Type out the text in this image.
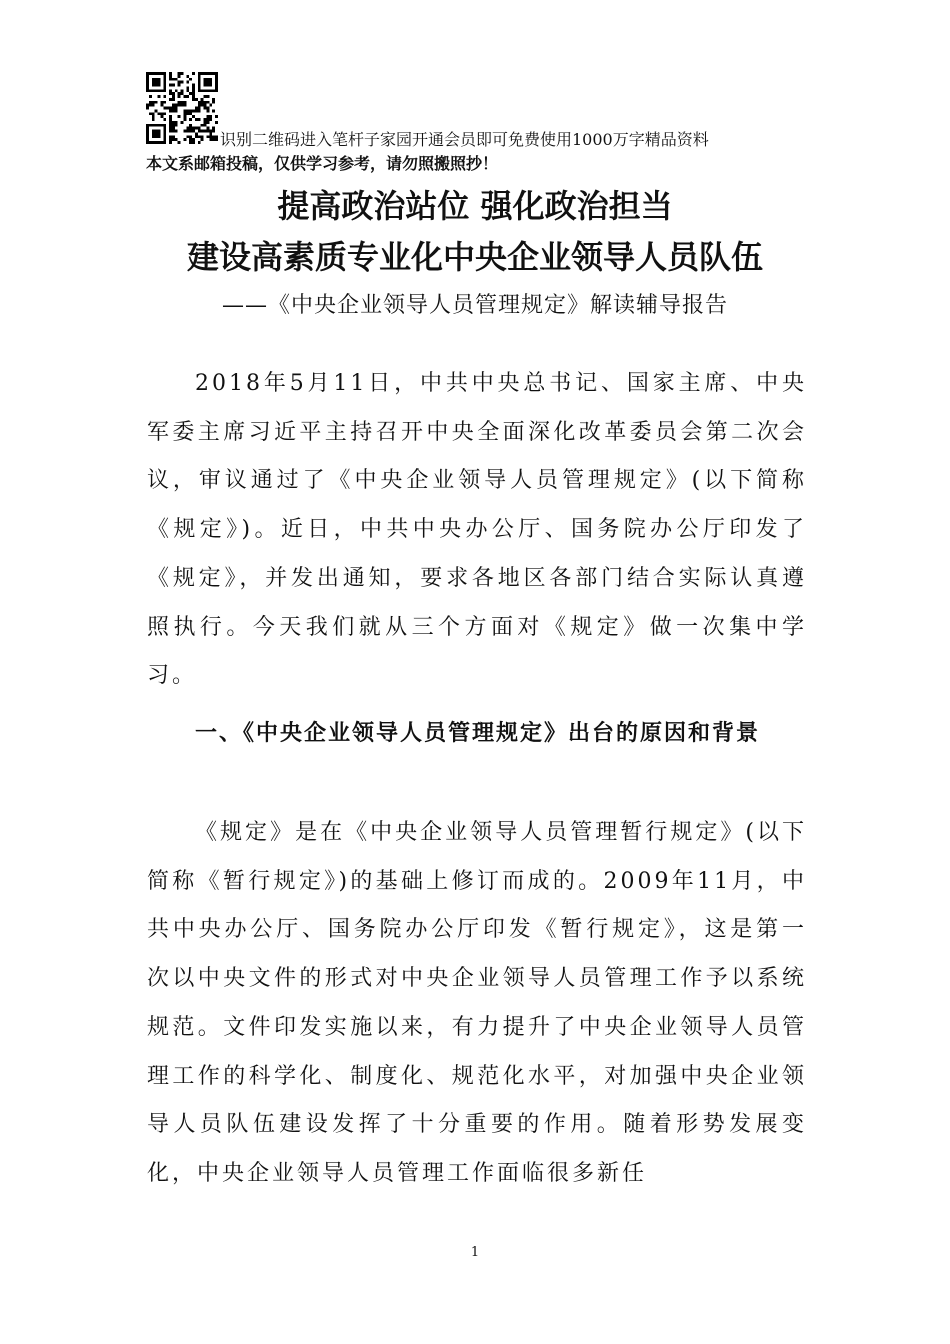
识别二维码进入笔杆子家园开通会员即可免费使用1000万字精品资料
本文系邮箱投稿，仅供学习参考，请勿照搬照抄！
提高政治站位 强化政治担当
建设高素质专业化中央企业领导人员队伍
——《中央企业领导人员管理规定》解读辅导报告
2018年5月11日，中共中央总书记、国家主席、中央军委主席习近平主持召开中央全面深化改革委员会第二次会议，审议通过了《中央企业领导人员管理规定》(以下简称《规定》)。近日，中共中央办公厅、国务院办公厅印发了《规定》，并发出通知，要求各地区各部门结合实际认真遵照执行。今天我们就从三个方面对《规定》做一次集中学习。
一、《中央企业领导人员管理规定》出台的原因和背景
《规定》是在《中央企业领导人员管理暂行规定》(以下简称《暂行规定》)的基础上修订而成的。2009年11月，中共中央办公厅、国务院办公厅印发《暂行规定》，这是第一次以中央文件的形式对中央企业领导人员管理工作予以系统规范。文件印发实施以来，有力提升了中央企业领导人员管理工作的科学化、制度化、规范化水平，对加强中央企业领导人员队伍建设发挥了十分重要的作用。随着形势发展变化，中央企业领导人员管理工作面临很多新任
1
